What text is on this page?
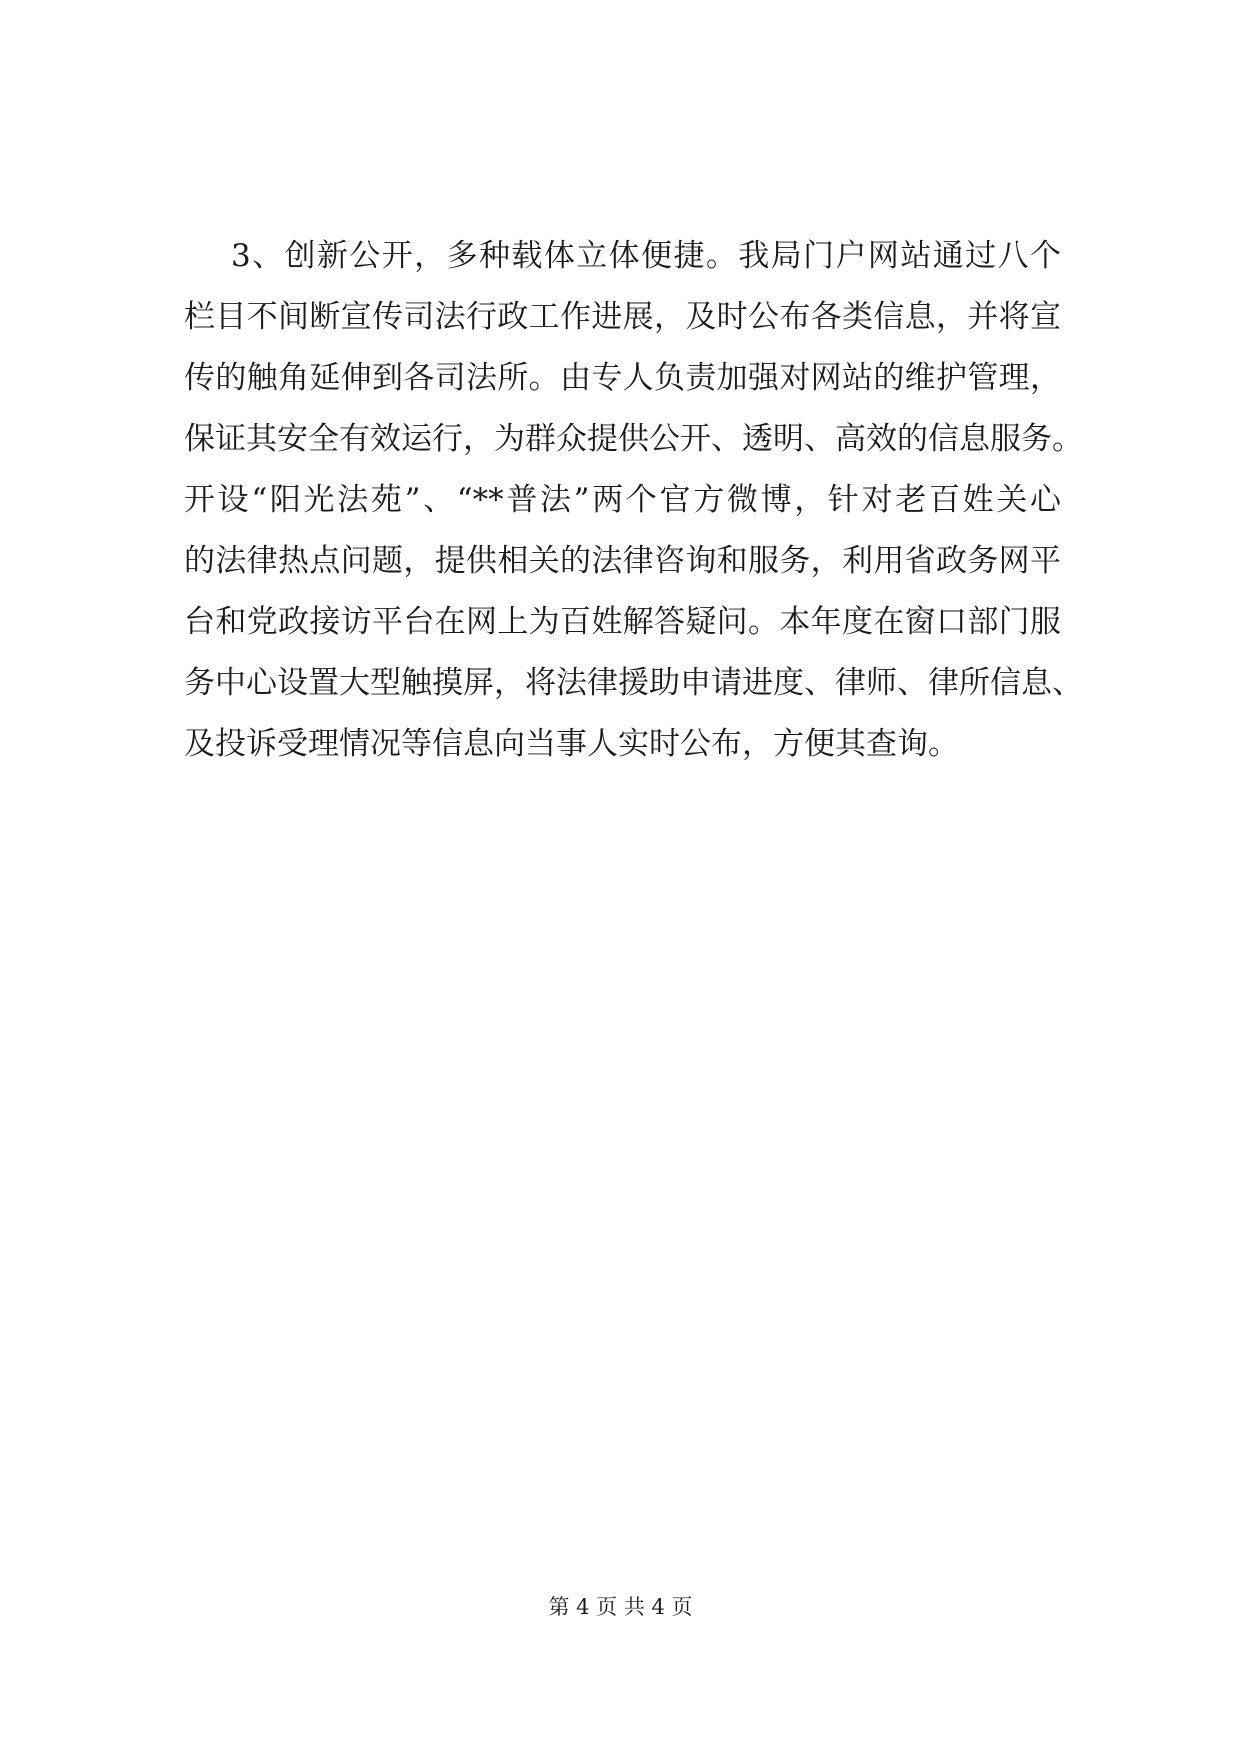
3、创新公开，多种载体立体便捷。我局门户网站通过八个
栏目不间断宣传司法行政工作进展，及时公布各类信息，并将宣
传的触角延伸到各司法所。由专人负责加强对网站的维护管理，
保证其安全有效运行，为群众提供公开、透明、高效的信息服务。
开设“阳光法苑”、“**普法”两个官方微博，针对老百姓关心
的法律热点问题，提供相关的法律咨询和服务，利用省政务网平
台和党政接访平台在网上为百姓解答疑问。本年度在窗口部门服
务中心设置大型触摸屏，将法律援助申请进度、律师、律所信息、
及投诉受理情况等信息向当事人实时公布，方便其查询。
第 4 页 共 4 页
